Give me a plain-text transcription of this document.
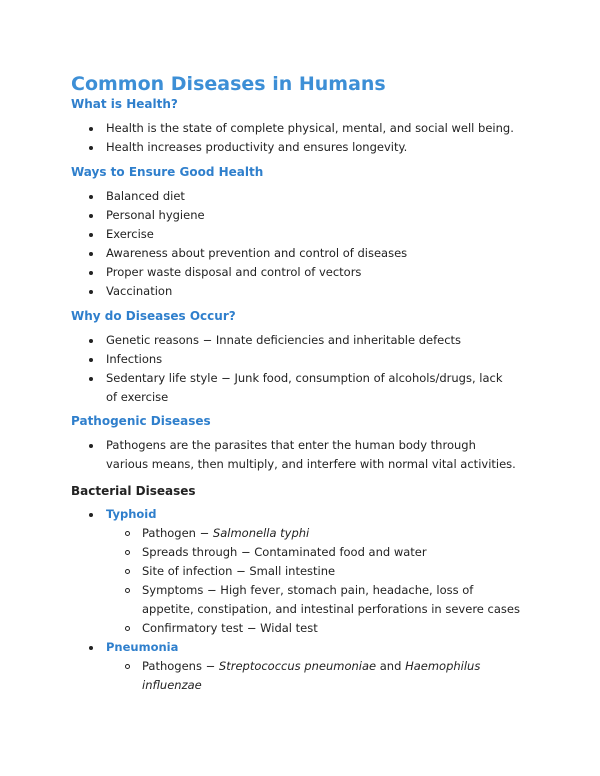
Common Diseases in Humans
What is Health?
Health is the state of complete physical, mental, and social well being.
Health increases productivity and ensures longevity.
Ways to Ensure Good Health
Balanced diet
Personal hygiene
Exercise
Awareness about prevention and control of diseases
Proper waste disposal and control of vectors
Vaccination
Why do Diseases Occur?
Genetic reasons − Innate deficiencies and inheritable defects
Infections
Sedentary life style − Junk food, consumption of alcohols/drugs, lack
of exercise
Pathogenic Diseases
Pathogens are the parasites that enter the human body through
various means, then multiply, and interfere with normal vital activities.
Bacterial Diseases
Typhoid
Pathogen − Salmonella typhi
Spreads through − Contaminated food and water
Site of infection − Small intestine
Symptoms − High fever, stomach pain, headache, loss of
appetite, constipation, and intestinal perforations in severe cases
Confirmatory test − Widal test
Pneumonia
Pathogens − Streptococcus pneumoniae and Haemophilus
influenzae
